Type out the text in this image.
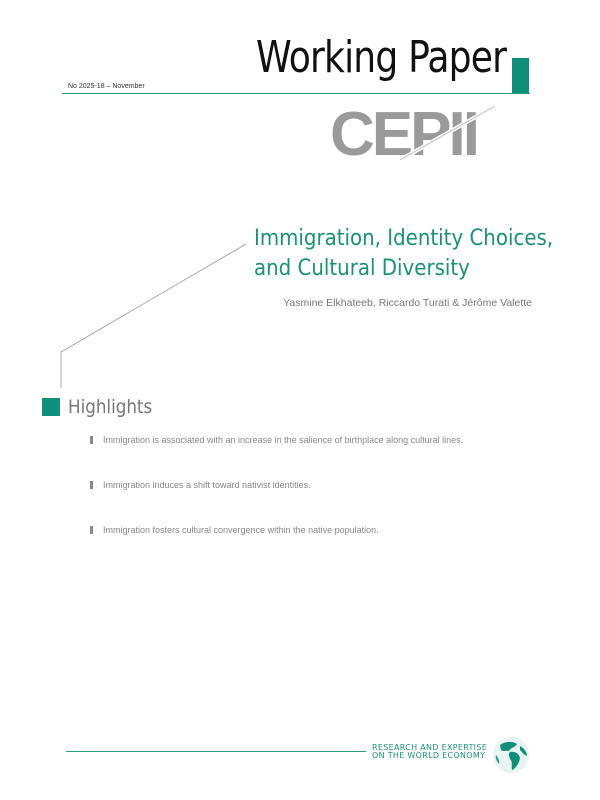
No 2025-18 – November
Working Paper
CEPII
Immigration, Identity Choices,
and Cultural Diversity
Yasmine Elkhateeb, Riccardo Turati & Jérôme Valette
Highlights
Immigration is associated with an increase in the salience of birthplace along cultural lines.
Immigration induces a shift toward nativist identities.
Immigration fosters cultural convergence within the native population.
RESEARCH AND EXPERTISE
ON THE WORLD ECONOMY
